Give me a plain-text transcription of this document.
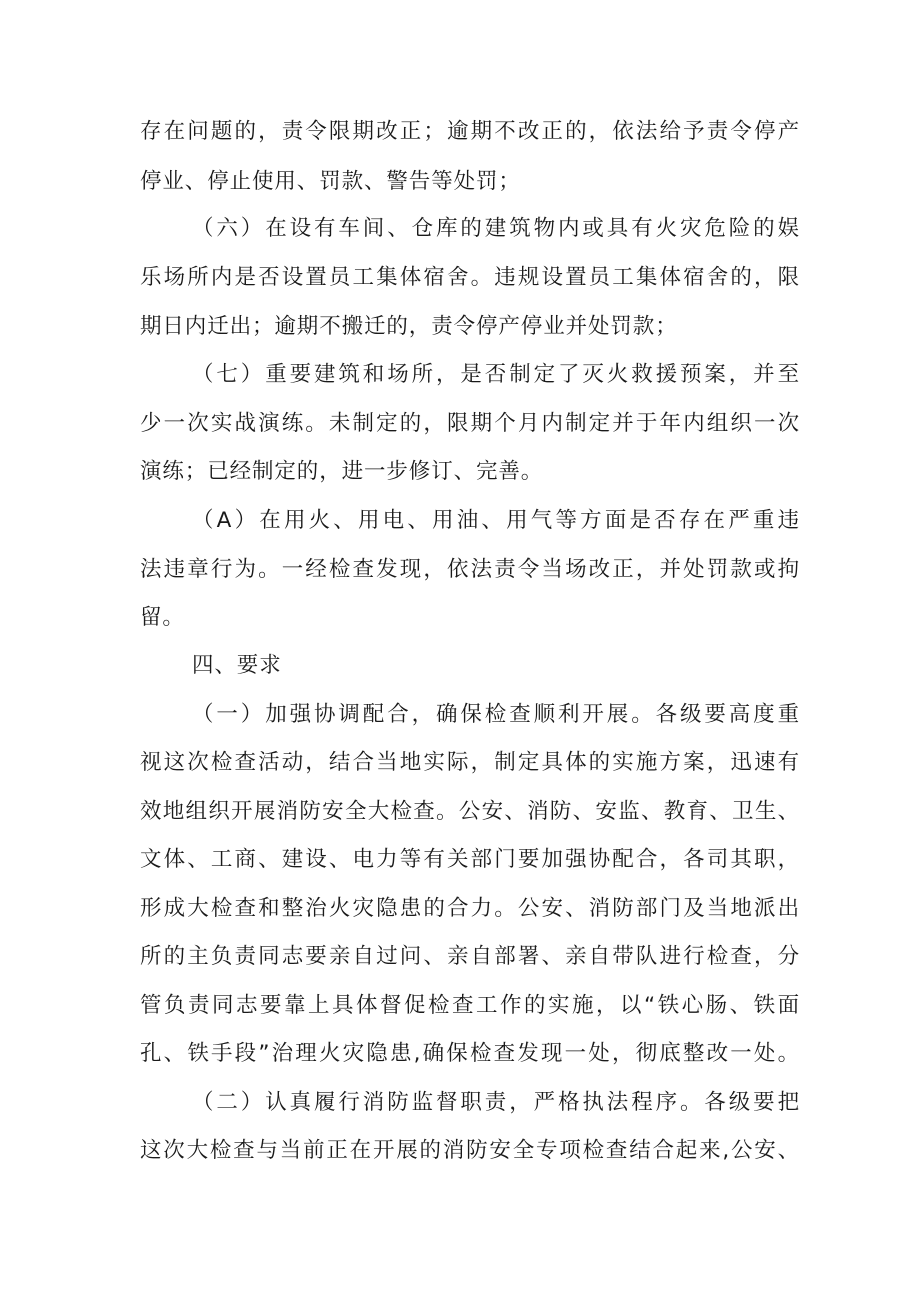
存在问题的，责令限期改正；逾期不改正的，依法给予责令停产
停业、停止使用、罚款、警告等处罚；
（六）在设有车间、仓库的建筑物内或具有火灾危险的娱
乐场所内是否设置员工集体宿舍。违规设置员工集体宿舍的，限
期日内迁出；逾期不搬迁的，责令停产停业并处罚款；
（七）重要建筑和场所，是否制定了灭火救援预案，并至
少一次实战演练。未制定的，限期个月内制定并于年内组织一次
演练；已经制定的，进一步修订、完善。
（A）在用火、用电、用油、用气等方面是否存在严重违
法违章行为。一经检查发现，依法责令当场改正，并处罚款或拘
留。
四、要求
（一）加强协调配合，确保检查顺利开展。各级要高度重
视这次检查活动，结合当地实际，制定具体的实施方案，迅速有
效地组织开展消防安全大检查。公安、消防、安监、教育、卫生、
文体、工商、建设、电力等有关部门要加强协配合，各司其职，
形成大检查和整治火灾隐患的合力。公安、消防部门及当地派出
所的主负责同志要亲自过问、亲自部署、亲自带队进行检查，分
管负责同志要靠上具体督促检查工作的实施，以“铁心肠、铁面
孔、铁手段”治理火灾隐患,确保检查发现一处，彻底整改一处。
（二）认真履行消防监督职责，严格执法程序。各级要把
这次大检查与当前正在开展的消防安全专项检查结合起来,公安、
